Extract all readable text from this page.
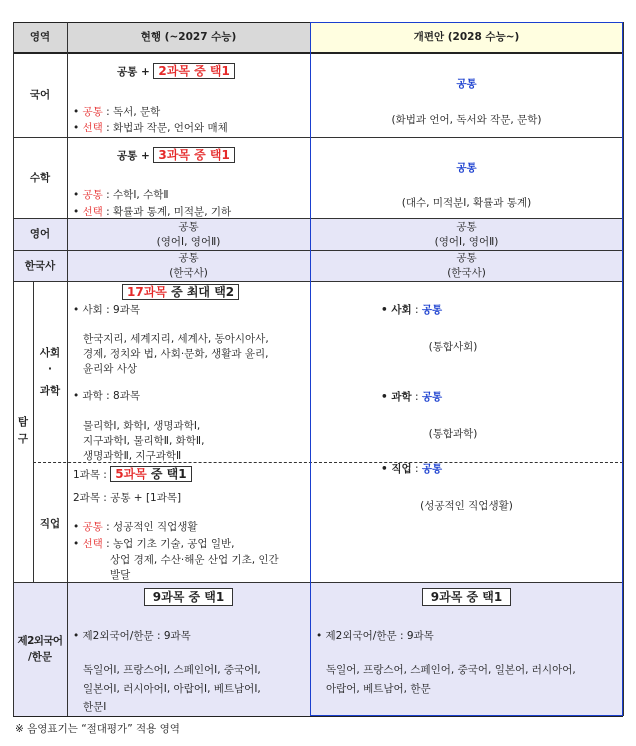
영역	현행 (~2027 수능)	개편안 (2028 수능~)
국어
공통 + 2과목 중 택1
• 공통 : 독서, 문학
• 선택 : 화법과 작문, 언어와 매체
공통
(화법과 언어, 독서와 작문, 문학)
수학
공통 + 3과목 중 택1
• 공통 : 수학Ⅰ, 수학Ⅱ
• 선택 : 확률과 통계, 미적분, 기하
공통
(대수, 미적분Ⅰ, 확률과 통계)
영어
공통
(영어Ⅰ, 영어Ⅱ)
공통
(영어Ⅰ, 영어Ⅱ)
한국사
공통
(한국사)
공통
(한국사)
탐
구
사회
·
과학
17과목 중 최대 택2
• 사회 : 9과목
한국지리, 세계지리, 세계사, 동아시아사,
경제, 정치와 법, 사회·문화, 생활과 윤리,
윤리와 사상
• 과학 : 8과목
물리학Ⅰ, 화학Ⅰ, 생명과학Ⅰ,
지구과학Ⅰ, 물리학Ⅱ, 화학Ⅱ,
생명과학Ⅱ, 지구과학Ⅱ
• 사회 : 공통
(통합사회)
• 과학 : 공통
(통합과학)
직업
1과목 : 5과목 중 택1
2과목 : 공통 + [1과목]
• 공통 : 성공적인 직업생활
• 선택 : 농업 기초 기술, 공업 일반,
상업 경제, 수산·해운 산업 기초, 인간
발달
• 직업 : 공통
(성공적인 직업생활)
제2외국어
/한문
9과목 중 택1
• 제2외국어/한문 : 9과목
독일어Ⅰ, 프랑스어Ⅰ, 스페인어Ⅰ, 중국어Ⅰ,
일본어Ⅰ, 러시아어Ⅰ, 아랍어Ⅰ, 베트남어Ⅰ,
한문Ⅰ
9과목 중 택1
• 제2외국어/한문 : 9과목
독일어, 프랑스어, 스페인어, 중국어, 일본어, 러시아어,
아랍어, 베트남어, 한문
※ 음영표기는 “절대평가” 적용 영역
